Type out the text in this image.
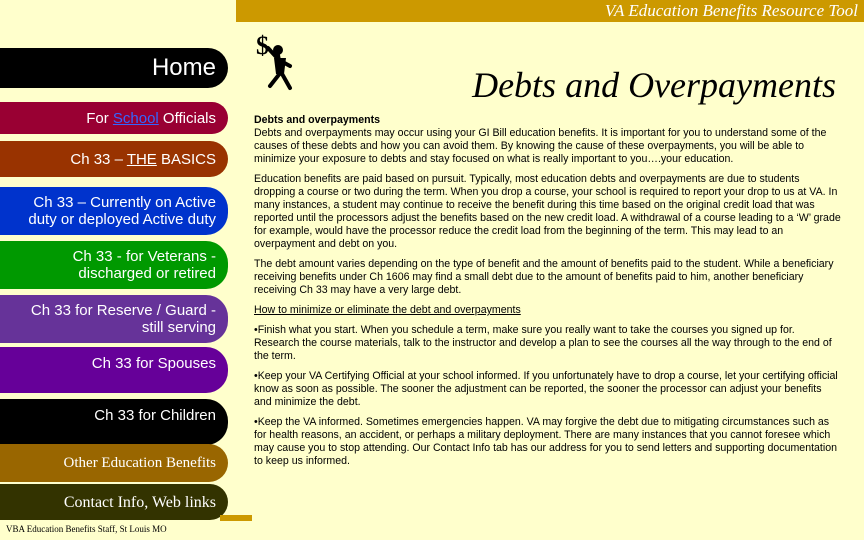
VA Education Benefits Resource Tool
Home
For School Officials
Ch 33 – THE BASICS
Ch 33 – Currently on Active
duty or deployed Active duty
Ch 33 - for Veterans -
discharged or retired
Ch 33 for Reserve / Guard -
still serving
Ch 33 for Spouses
Ch 33 for Children
Other Education Benefits
Contact Info, Web links
$
Debts and Overpayments

Debts and overpayments

Debts and overpayments may occur using your GI Bill education benefits. It is important for you to understand some of the causes of these debts and how you can avoid them. By knowing the cause of these overpayments, you will be able to minimize your exposure to debts and stay focused on what is really important to you….your education.

Education benefits are paid based on pursuit. Typically, most education debts and overpayments are due to students dropping a course or two during the term. When you drop a course, your school is required to report your drop to us at VA. In many instances, a student may continue to receive the benefit during this time based on the original credit load that was reported until the processors adjust the benefits based on the new credit load. A withdrawal of a course leading to a ‘W’ grade for example, would have the processor reduce the credit load from the beginning of the term. This may lead to an overpayment and debt on you.

The debt amount varies depending on the type of benefit and the amount of benefits paid to the student. While a beneficiary receiving benefits under Ch 1606 may find a small debt due to the amount of benefits paid to him, another beneficiary receiving Ch 33 may have a very large debt.

How to minimize or eliminate the debt and overpayments

•Finish what you start. When you schedule a term, make sure you really want to take the courses you signed up for. Research the course materials, talk to the instructor and develop a plan to see the courses all the way through to the end of the term.

•Keep your VA Certifying Official at your school informed. If you unfortunately have to drop a course, let your certifying official know as soon as possible. The sooner the adjustment can be reported, the sooner the processor can adjust your benefits and minimize the debt.

•Keep the VA informed. Sometimes emergencies happen. VA may forgive the debt due to mitigating circumstances such as for health reasons, an accident, or perhaps a military deployment. There are many instances that you cannot foresee which may cause you to stop attending. Our Contact Info tab has our address for you to send letters and supporting documentation to keep us informed.

VBA Education Benefits Staff, St Louis MO
